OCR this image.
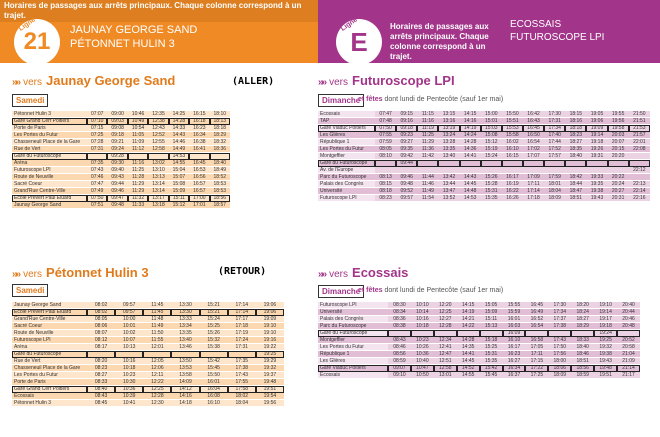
Horaires de passages aux arrêts principaux. Chaque colonne correspond à un trajet.
Ligne
21 JAUNAY GEORGE SAND
PÉTONNET HULIN 3
Ligne
E	Horaires de passages aux arrêts principaux. Chaque colonne correspond à un trajet.
ECOSSAIS
FUTUROSCOPE LPI
»» vers Jaunay George Sand	(ALLER)
Samedi
Pétonnet Hulin 3	07:07	09:00	10:46	12:35	14:25	16:15	18:10
Gare Grand Cerf Poitiers	07:10	09:03	10:49	12:38	14:28	16:18	18:13
Porte de Paris	07:15	09:08	10:54	12:43	14:33	16:23	18:18
Les Portes du Futur	07:25	09:18	11:05	12:52	14:43	16:34	18:29
Chasseneuil Place de la Gare	07:28	09:21	11:09	12:55	14:46	16:38	18:32
Rue de Vert	07:31	09:24	11:12	12:58	14:49	16:41	18:36
Gare du Futuroscope		09:28			14:53		
Aréna	07:35	09:30	11:16	13:02	14:55	16:45	18:40
Futuroscope LPI	07:43	09:40	11:25	13:10	15:04	16:53	18:49
Route de Neuville	07:46	09:43	11:28	13:13	15:07	16:56	18:52
Sacré Coeur	07:47	09:44	11:29	13:14	15:08	16:57	18:53
Grand'Rue Centre-Ville	07:49	09:46	11:29	13:14	15:09	16:57	18:53
Ecole Prévert Paul Eluard	07:50	09:47	11:32	13:17	15:11	17:00	18:56
Jaunay George Sand	07:51	09:48	11:33	13:18	15:12	17:01	18:57
»» vers Futuroscope LPI
Dimanche
et fêtes dont lundi de Pentecôte (sauf 1er mai)
Ecossais	07:47	09:15	11:15	13:15	14:15	15:00	15:50	16:42	17:30	18:15	19:05	19:55	21:50
TAP	07:48	09:16	11:16	13:16	14:16	15:01	15:51	16:43	17:31	18:16	19:06	19:56	21:51
Gare Viaduc Poitiers	07:50	09:18	11:19	13:19	14:19	15:03	15:53	16:45	17:34	18:18	19:09	19:58	21:53
Les Glières	07:55	09:23	11:25	13:24	14:24	15:08	15:58	16:50	17:40	18:23	19:14	20:03	21:57
République 1	07:59	09:27	11:29	13:28	14:28	15:12	16:02	16:54	17:44	18:27	19:18	20:07	22:01
Les Portes du Futur	08:05	09:35	11:36	13:35	14:36	15:19	16:10	17:02	17:52	18:35	19:26	20:15	22:08
Montgeffier	08:10	09:42	11:42	13:40	14:41	15:24	16:15	17:07	17:57	18:40	19:31	20:20	
Gare du Futuroscope		09:44											
Av. de l'Europe													22:12
Parc du Futuroscope	08:13	09:46	11:44	13:42	14:43	15:26	16:17	17:09	17:59	18:42	19:33	20:22	
Palais des Congrès	08:15	09:48	11:46	13:44	14:45	15:28	16:19	17:11	18:01	18:44	19:35	20:24	22:13
Université	08:18	09:52	11:49	13:47	14:48	15:31	16:22	17:14	18:04	18:47	19:38	20:27	22:14
Futuroscope LPI	08:23	09:57	11:54	13:52	14:53	15:35	16:26	17:18	18:09	18:51	19:43	20:31	22:16
»» vers Pétonnet Hulin 3	(RETOUR)
Samedi
Jaunay George Sand	08:02	09:57	11:45	13:30	15:21	17:14	19:06
Ecole Prévert Paul Eluard	08:02	09:57	11:45	13:30	15:21	17:14	19:06
Grand'Rue Centre-Ville	08:05	10:00	11:48	13:33	15:24	17:17	19:09
Sacré Coeur	08:06	10:01	11:49	13:34	15:25	17:18	19:10
Route de Neuville	08:07	10:02	11:50	13:35	15:26	17:19	19:10
Futuroscope LPI	08:12	10:07	11:55	13:40	15:32	17:24	19:16
Aréna	08:17	10:13	12:01	13:46	15:38	17:31	19:22
Gare du Futuroscope							19:25
Rue de Vert	08:20	10:16	12:05	13:50	15:42	17:35	19:29
Chasseneuil Place de la Gare	08:23	10:18	12:06	13:53	15:45	17:38	19:32
Les Portes du Futur	08:27	10:23	12:11	13:58	15:50	17:43	19:37
Porte de Paris	08:33	10:30	12:22	14:09	16:01	17:55	19:48
Gare Grand Cerf Poitiers	08:40	10:36	12:25	14:12	16:04	17:58	19:51
Ecossais	08:43	10:39	12:28	14:16	16:08	18:02	19:54
Pétonnet Hulin 3	08:45	10:41	12:30	14:18	16:10	18:04	19:56
»» vers Ecossais
Dimanche
et fêtes dont lundi de Pentecôte (sauf 1er mai)
Futuroscope LPI	08:30	10:10	12:20	14:15	15:05	15:55	16:45	17:30	18:20	19:10	20:40
Université	08:34	10:14	12:25	14:19	15:09	15:59	16:49	17:34	18:24	19:14	20:44
Palais des Congrès	08:36	10:16	12:27	14:21	15:11	16:01	16:52	17:37	18:27	19:17	20:46
Parc du Futuroscope	08:38	10:18	12:28	14:22	15:13	16:03	16:54	17:38	18:29	19:18	20:48
Gare du Futuroscope						16:09				19:24	
Montgeffier	08:43	10:23	12:34	14:28	15:18	16:10	16:58	17:43	18:33	19:25	20:52
Les Portes du Futur	08:46	10:26	12:41	14:35	15:25	16:17	17:05	17:50	18:40	19:32	20:58
République 1	08:56	10:36	12:47	14:41	15:31	16:23	17:11	17:56	18:46	19:38	21:04
Les Glières	08:59	10:40	12:51	14:45	15:35	16:27	17:15	18:00	18:51	19:43	21:09
Gare Viaduc Poitiers	09:07	10:47	12:58	14:52	15:42	16:34	17:22	18:06	18:56	19:48	21:14
Ecossais	09:10	10:50	13:01	14:55	15:45	16:37	17:25	18:09	18:59	19:51	21:17
